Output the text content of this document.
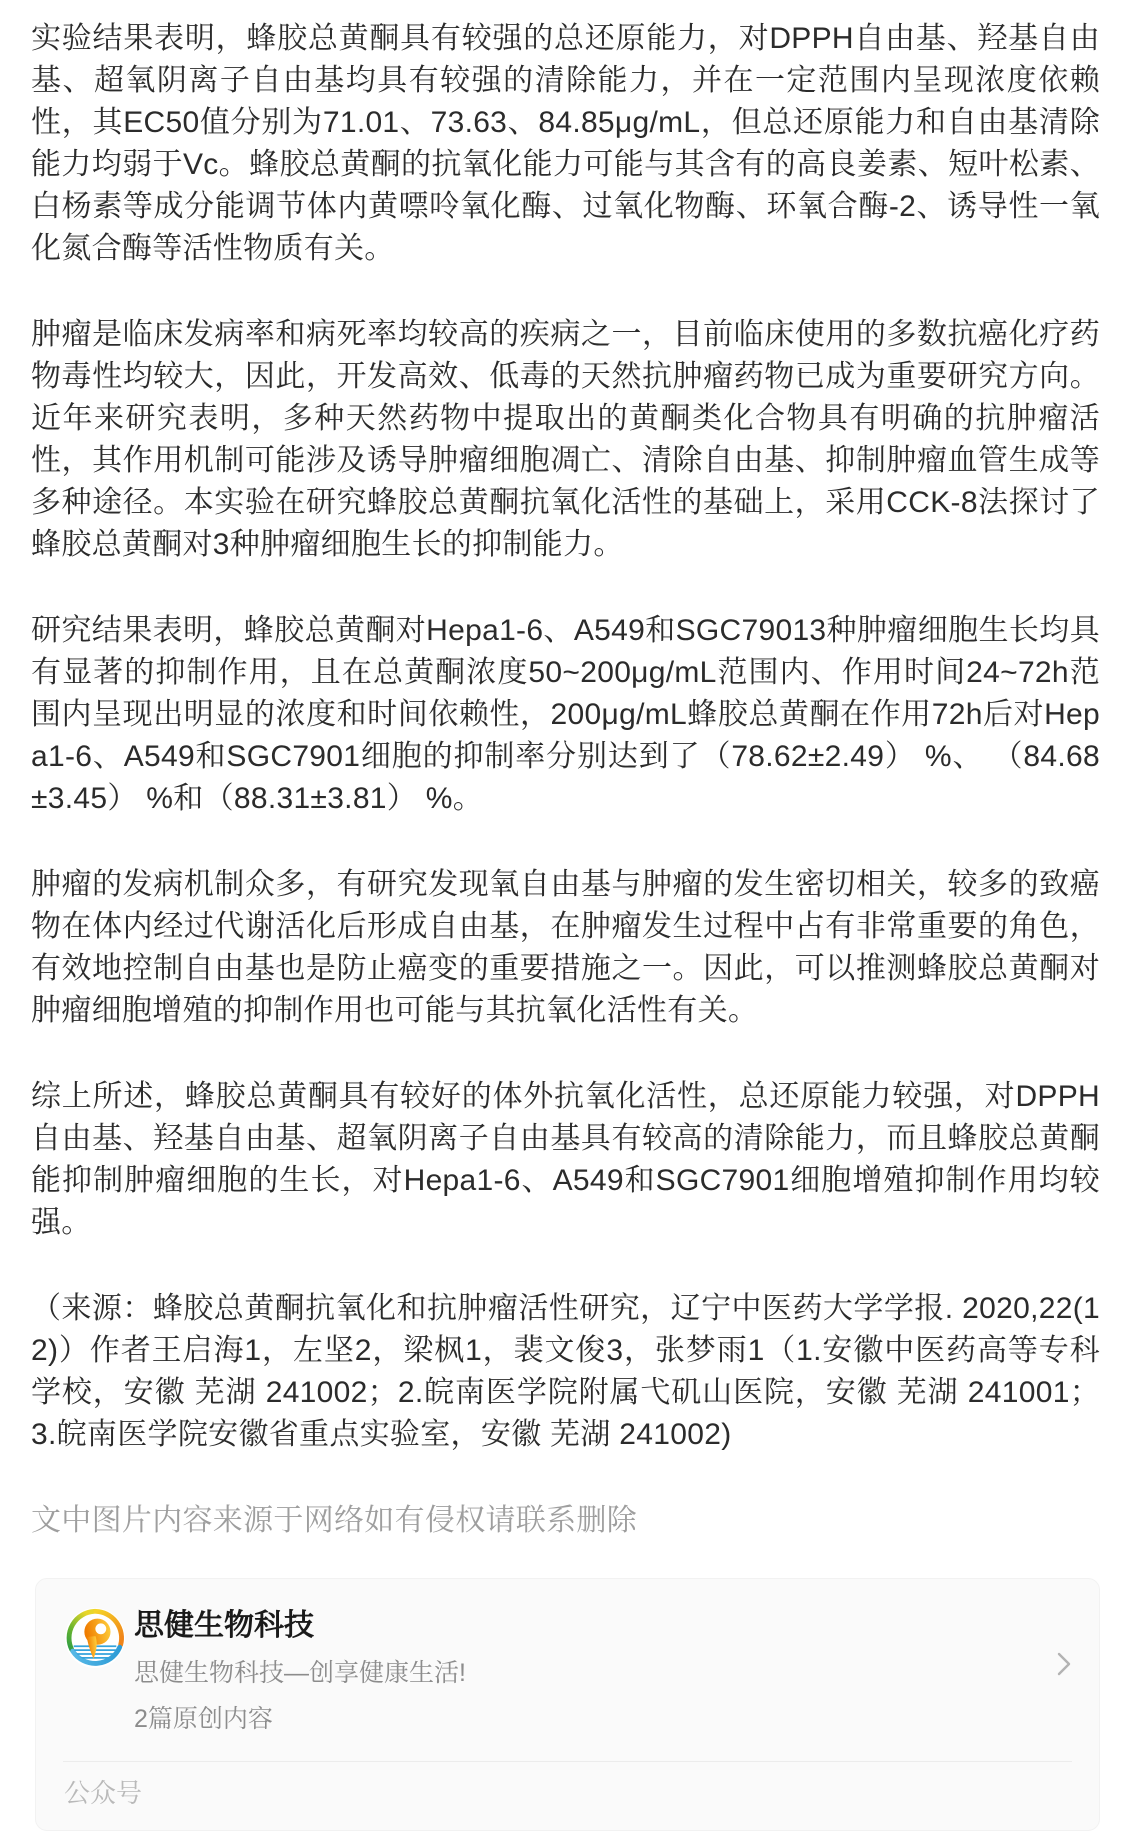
实验结果表明，蜂胶总黄酮具有较强的总还原能力，对DPPH自由基、羟基自由基、超氧阴离子自由基均具有较强的清除能力，并在一定范围内呈现浓度依赖性，其EC50值分别为71.01、73.63、84.85μg/mL，但总还原能力和自由基清除能力均弱于Vc。蜂胶总黄酮的抗氧化能力可能与其含有的高良姜素、短叶松素、白杨素等成分能调节体内黄嘌呤氧化酶、过氧化物酶、环氧合酶-2、诱导性一氧化氮合酶等活性物质有关。

肿瘤是临床发病率和病死率均较高的疾病之一，目前临床使用的多数抗癌化疗药物毒性均较大，因此，开发高效、低毒的天然抗肿瘤药物已成为重要研究方向。近年来研究表明，多种天然药物中提取出的黄酮类化合物具有明确的抗肿瘤活性，其作用机制可能涉及诱导肿瘤细胞凋亡、清除自由基、抑制肿瘤血管生成等多种途径。本实验在研究蜂胶总黄酮抗氧化活性的基础上，采用CCK-8法探讨了蜂胶总黄酮对3种肿瘤细胞生长的抑制能力。

研究结果表明，蜂胶总黄酮对Hepa1-6、A549和SGC79013种肿瘤细胞生长均具有显著的抑制作用，且在总黄酮浓度50~200μg/mL范围内、作用时间24~72h范围内呈现出明显的浓度和时间依赖性，200μg/mL蜂胶总黄酮在作用72h后对Hepa1-6、A549和SGC7901细胞的抑制率分别达到了（78.62±2.49） %、 （84.68±3.45） %和（88.31±3.81） %。

肿瘤的发病机制众多，有研究发现氧自由基与肿瘤的发生密切相关，较多的致癌物在体内经过代谢活化后形成自由基，在肿瘤发生过程中占有非常重要的角色，有效地控制自由基也是防止癌变的重要措施之一。因此，可以推测蜂胶总黄酮对肿瘤细胞增殖的抑制作用也可能与其抗氧化活性有关。

综上所述，蜂胶总黄酮具有较好的体外抗氧化活性，总还原能力较强，对DPPH自由基、羟基自由基、超氧阴离子自由基具有较高的清除能力，而且蜂胶总黄酮能抑制肿瘤细胞的生长，对Hepa1-6、A549和SGC7901细胞增殖抑制作用均较强。

（来源：蜂胶总黄酮抗氧化和抗肿瘤活性研究，辽宁中医药大学学报. 2020,22(12)）作者王启海1，左坚2，梁枫1，裴文俊3，张梦雨1（1.安徽中医药高等专科学校，安徽 芜湖 241002；2.皖南医学院附属弋矶山医院，安徽 芜湖 241001；3.皖南医学院安徽省重点实验室，安徽 芜湖 241002)

文中图片内容来源于网络如有侵权请联系删除

思健生物科技
思健生物科技—创享健康生活!
2篇原创内容
公众号
